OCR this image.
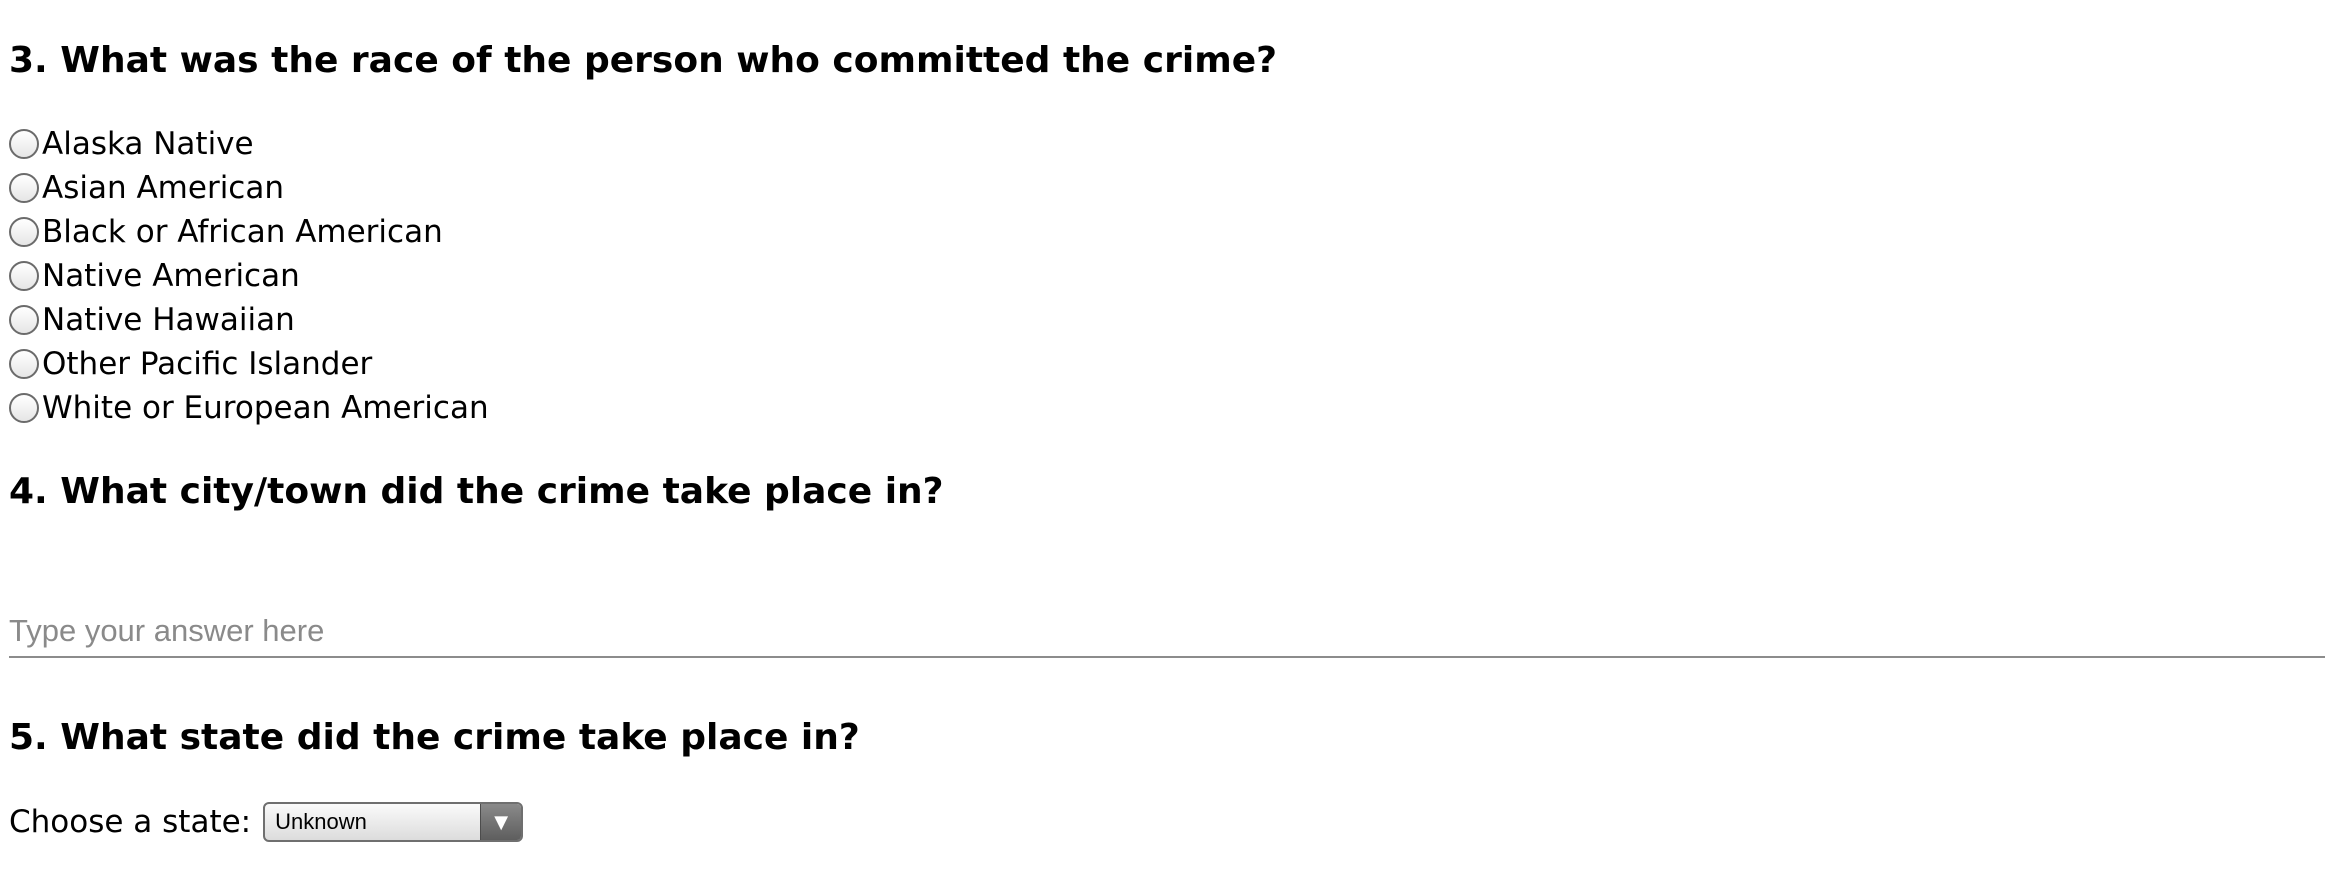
3. What was the race of the person who committed the crime?
Alaska Native
Asian American
Black or African American
Native American
Native Hawaiian
Other Pacific Islander
White or European American
4. What city/town did the crime take place in?
Type your answer here
5. What state did the crime take place in?
Choose a state: Unknown	▼
